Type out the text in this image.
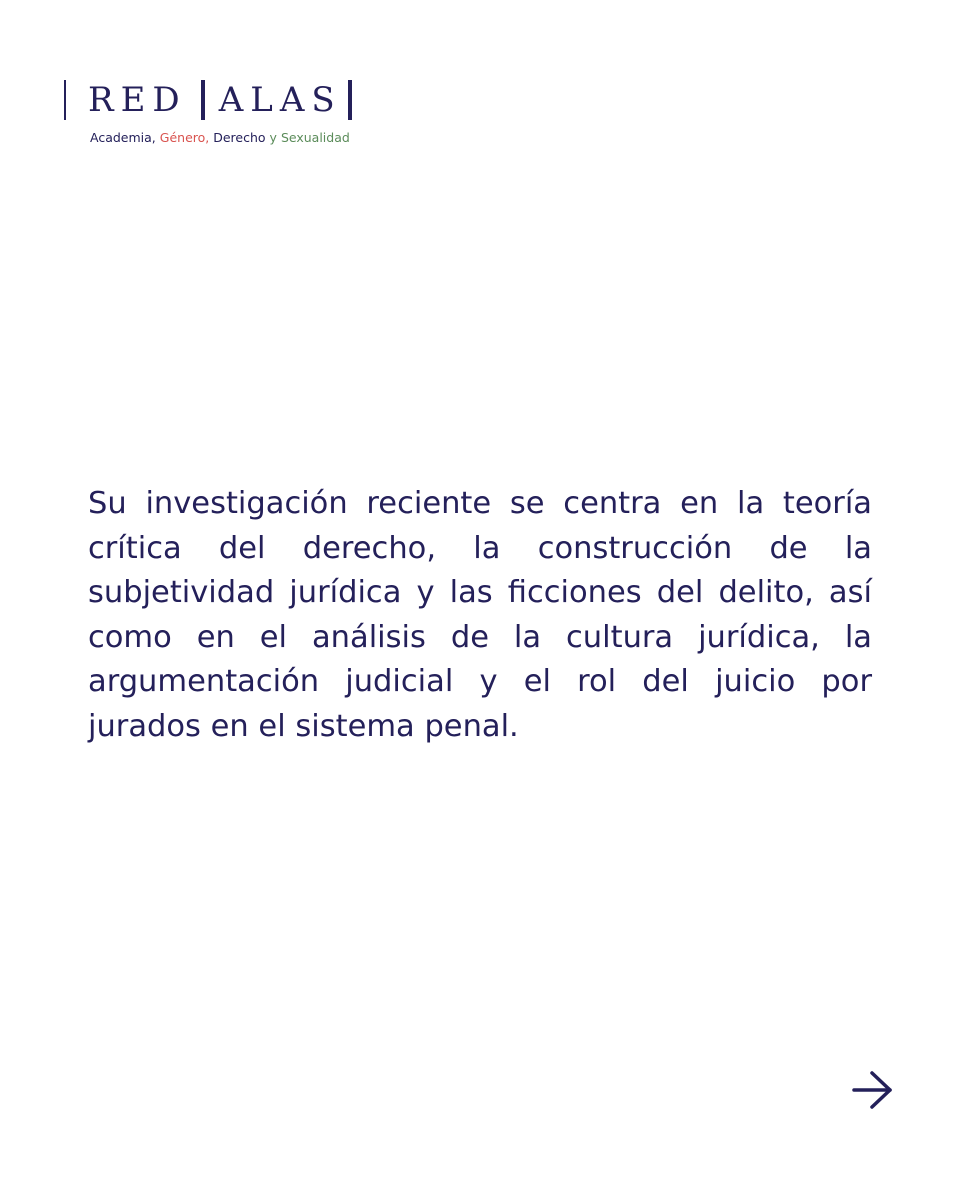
RED ALAS
Academia, Género, Derecho y Sexualidad

Su investigación reciente se centra en la teoría crítica del derecho, la construcción de la subjetividad jurídica y las ficciones del delito, así como en el análisis de la cultura jurídica, la argumentación judicial y el rol del juicio por jurados en el sistema penal.
